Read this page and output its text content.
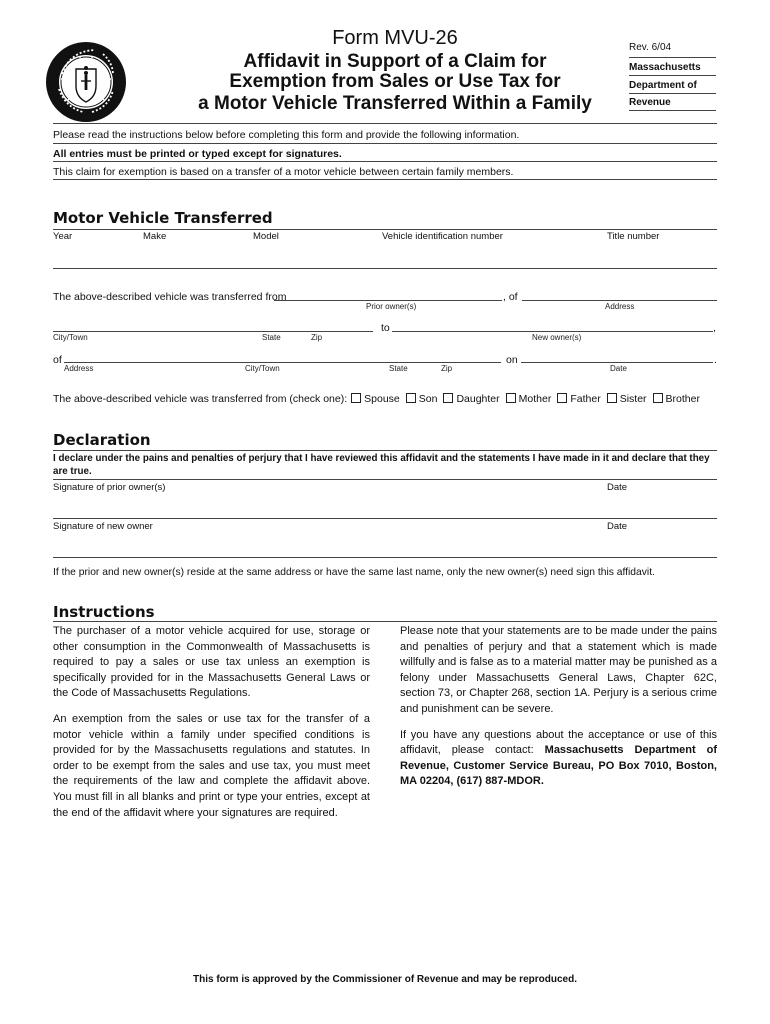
Form MVU-26
Affidavit in Support of a Claim for
Exemption from Sales or Use Tax for
a Motor Vehicle Transferred Within a Family
Rev. 6/04
Massachusetts
Department of
Revenue
Please read the instructions below before completing this form and provide the following information.
All entries must be printed or typed except for signatures.
This claim for exemption is based on a transfer of a motor vehicle between certain family members.
Motor Vehicle Transferred
Year	Make	Model	Vehicle identification number	Title number
The above-described vehicle was transferred from	, of
Prior owner(s)	Address
to	,
City/Town	State	Zip	New owner(s)
of	on	.
Address	City/Town	State	Zip	Date
The above-described vehicle was transferred from (check one): Spouse Son Daughter Mother Father Sister Brother
Declaration
I declare under the pains and penalties of perjury that I have reviewed this affidavit and the statements I have made in it and declare that they are true.
Signature of prior owner(s)	Date
Signature of new owner	Date
If the prior and new owner(s) reside at the same address or have the same last name, only the new owner(s) need sign this affidavit.
Instructions

The purchaser of a motor vehicle acquired for use, storage or other consumption in the Commonwealth of Massachusetts is required to pay a sales or use tax unless an exemption is specifically provided for in the Massachusetts General Laws or the Code of Massachusetts Regulations.

An exemption from the sales or use tax for the transfer of a motor vehicle within a family under specified conditions is provided for by the Massachusetts regulations and statutes. In order to be exempt from the sales and use tax, you must meet the requirements of the law and complete the affidavit above. You must fill in all blanks and print or type your entries, except at the end of the affidavit where your signatures are required.

Please note that your statements are to be made under the pains and penalties of perjury and that a statement which is made willfully and is false as to a material matter may be punished as a felony under Massachusetts General Laws, Chapter 62C, section 73, or Chapter 268, section 1A. Perjury is a serious crime and punishment can be severe.

If you have any questions about the acceptance or use of this affidavit, please contact: Massachusetts Department of Revenue, Customer Service Bureau, PO Box 7010, Boston, MA 02204, (617) 887-MDOR.

This form is approved by the Commissioner of Revenue and may be reproduced.
